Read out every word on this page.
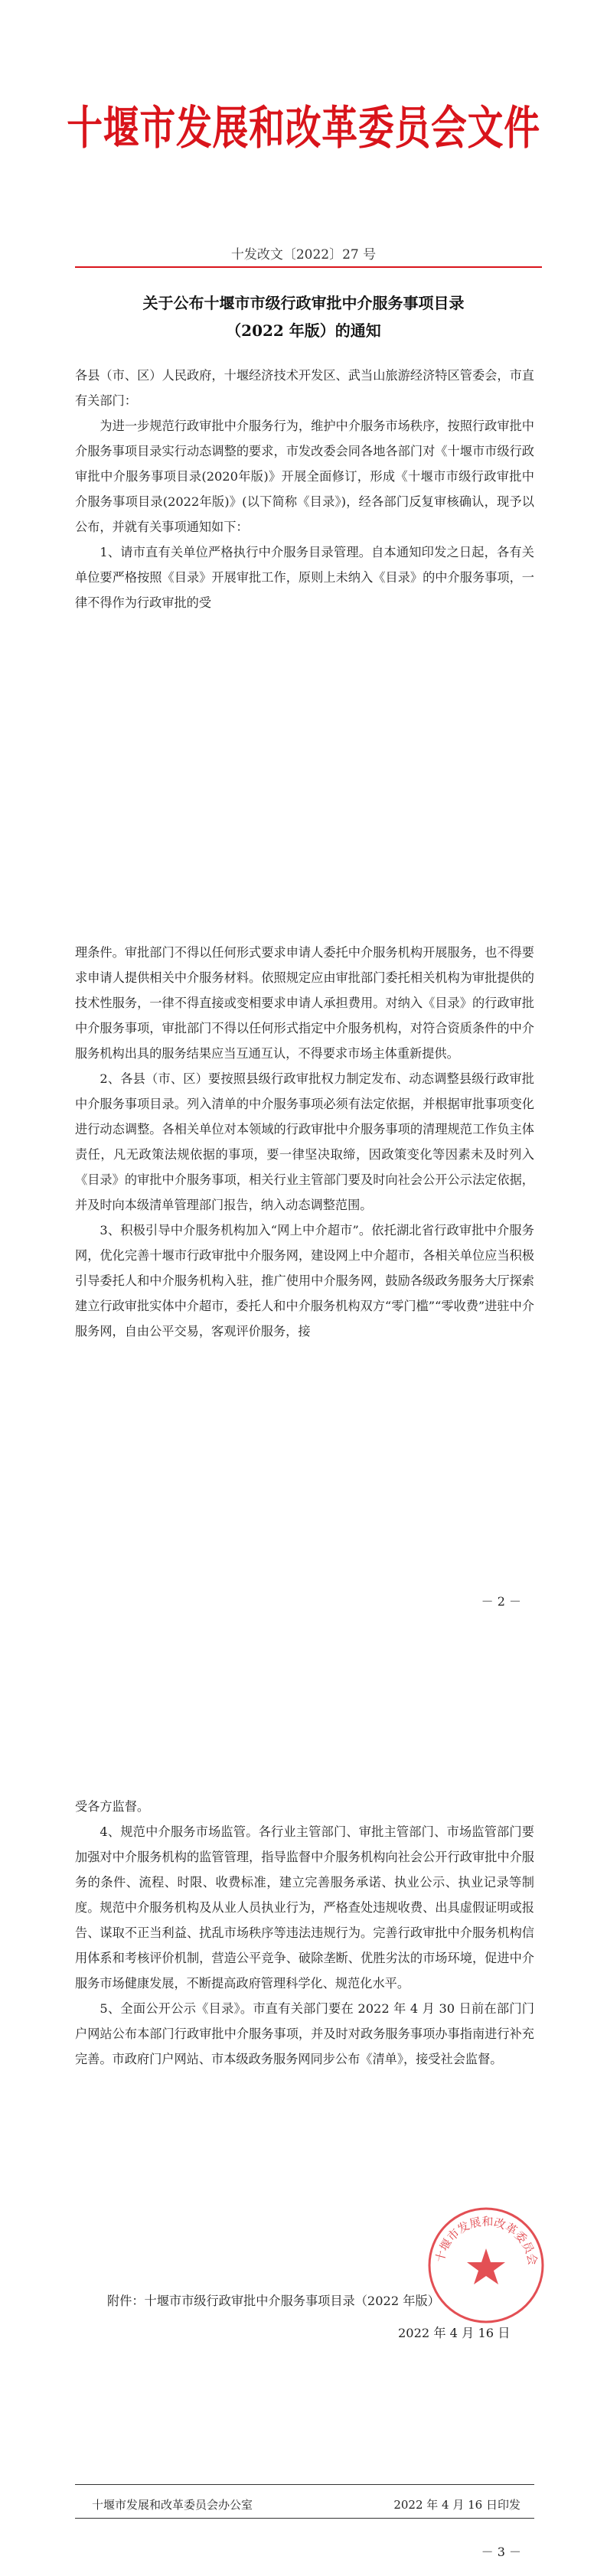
十堰市发展和改革委员会文件
十发改文〔2022〕27 号
关于公布十堰市市级行政审批中介服务事项目录
（2022 年版）的通知

各县（市、区）人民政府，十堰经济技术开发区、武当山旅游经济特区管委会，市直有关部门：

为进一步规范行政审批中介服务行为，维护中介服务市场秩序，按照行政审批中介服务事项目录实行动态调整的要求，市发改委会同各地各部门对《十堰市市级行政审批中介服务事项目录(2020年版)》开展全面修订，形成《十堰市市级行政审批中介服务事项目录(2022年版)》(以下简称《目录》)，经各部门反复审核确认，现予以公布，并就有关事项通知如下：

1、请市直有关单位严格执行中介服务目录管理。自本通知印发之日起，各有关单位要严格按照《目录》开展审批工作，原则上未纳入《目录》的中介服务事项，一律不得作为行政审批的受

理条件。审批部门不得以任何形式要求申请人委托中介服务机构开展服务，也不得要求申请人提供相关中介服务材料。依照规定应由审批部门委托相关机构为审批提供的技术性服务，一律不得直接或变相要求申请人承担费用。对纳入《目录》的行政审批中介服务事项，审批部门不得以任何形式指定中介服务机构，对符合资质条件的中介服务机构出具的服务结果应当互通互认，不得要求市场主体重新提供。

2、各县（市、区）要按照县级行政审批权力制定发布、动态调整县级行政审批中介服务事项目录。列入清单的中介服务事项必须有法定依据，并根据审批事项变化进行动态调整。各相关单位对本领域的行政审批中介服务事项的清理规范工作负主体责任，凡无政策法规依据的事项，要一律坚决取缔，因政策变化等因素未及时列入《目录》的审批中介服务事项，相关行业主管部门要及时向社会公开公示法定依据，并及时向本级清单管理部门报告，纳入动态调整范围。

3、积极引导中介服务机构加入“网上中介超市”。依托湖北省行政审批中介服务网，优化完善十堰市行政审批中介服务网，建设网上中介超市，各相关单位应当积极引导委托人和中介服务机构入驻，推广使用中介服务网，鼓励各级政务服务大厅探索建立行政审批实体中介超市，委托人和中介服务机构双方“零门槛”“零收费”进驻中介服务网，自由公平交易，客观评价服务，接

－ 2 －

受各方监督。

4、规范中介服务市场监管。各行业主管部门、审批主管部门、市场监管部门要加强对中介服务机构的监管管理，指导监督中介服务机构向社会公开行政审批中介服务的条件、流程、时限、收费标准，建立完善服务承诺、执业公示、执业记录等制度。规范中介服务机构及从业人员执业行为，严格查处违规收费、出具虚假证明或报告、谋取不正当利益、扰乱市场秩序等违法违规行为。完善行政审批中介服务机构信用体系和考核评价机制，营造公平竞争、破除垄断、优胜劣汰的市场环境，促进中介服务市场健康发展，不断提高政府管理科学化、规范化水平。

5、全面公开公示《目录》。市直有关部门要在 2022 年 4 月 30 日前在部门门户网站公布本部门行政审批中介服务事项，并及时对政务服务事项办事指南进行补充完善。市政府门户网站、市本级政务服务网同步公布《清单》，接受社会监督。

十堰市发展和改革委员会
附件：十堰市市级行政审批中介服务事项目录（2022 年版）
2022 年 4 月 16 日
十堰市发展和改革委员会办公室	2022 年 4 月 16 日印发
－ 3 －
